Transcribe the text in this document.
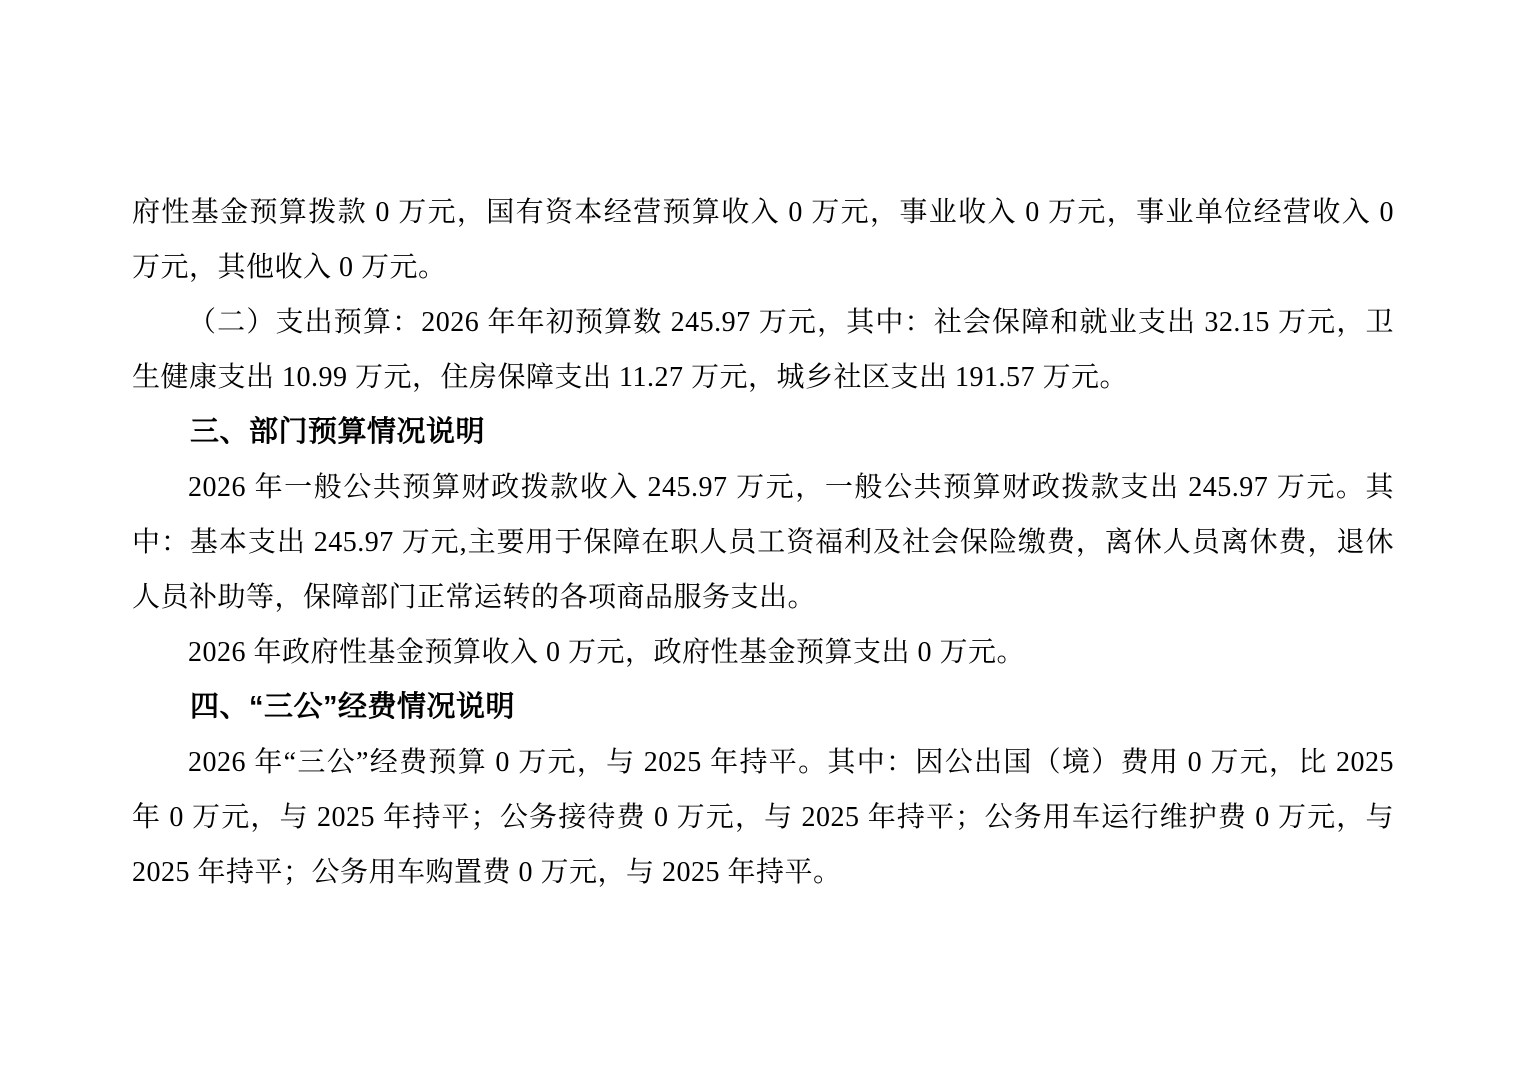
府性基金预算拨款 0 万元，国有资本经营预算收入 0 万元，事业收入 0 万元，事业单位经营收入 0
万元，其他收入 0 万元。
（二）支出预算：2026 年年初预算数 245.97 万元，其中：社会保障和就业支出 32.15 万元，卫
生健康支出 10.99 万元，住房保障支出 11.27 万元，城乡社区支出 191.57 万元。
三、部门预算情况说明
2026 年一般公共预算财政拨款收入 245.97 万元，一般公共预算财政拨款支出 245.97 万元。其
中：基本支出 245.97 万元,主要用于保障在职人员工资福利及社会保险缴费，离休人员离休费，退休
人员补助等，保障部门正常运转的各项商品服务支出。
2026 年政府性基金预算收入 0 万元，政府性基金预算支出 0 万元。
四、“三公”经费情况说明
2026 年“三公”经费预算 0 万元，与 2025 年持平。其中：因公出国（境）费用 0 万元，比 2025
年 0 万元，与 2025 年持平；公务接待费 0 万元，与 2025 年持平；公务用车运行维护费 0 万元，与
2025 年持平；公务用车购置费 0 万元，与 2025 年持平。
